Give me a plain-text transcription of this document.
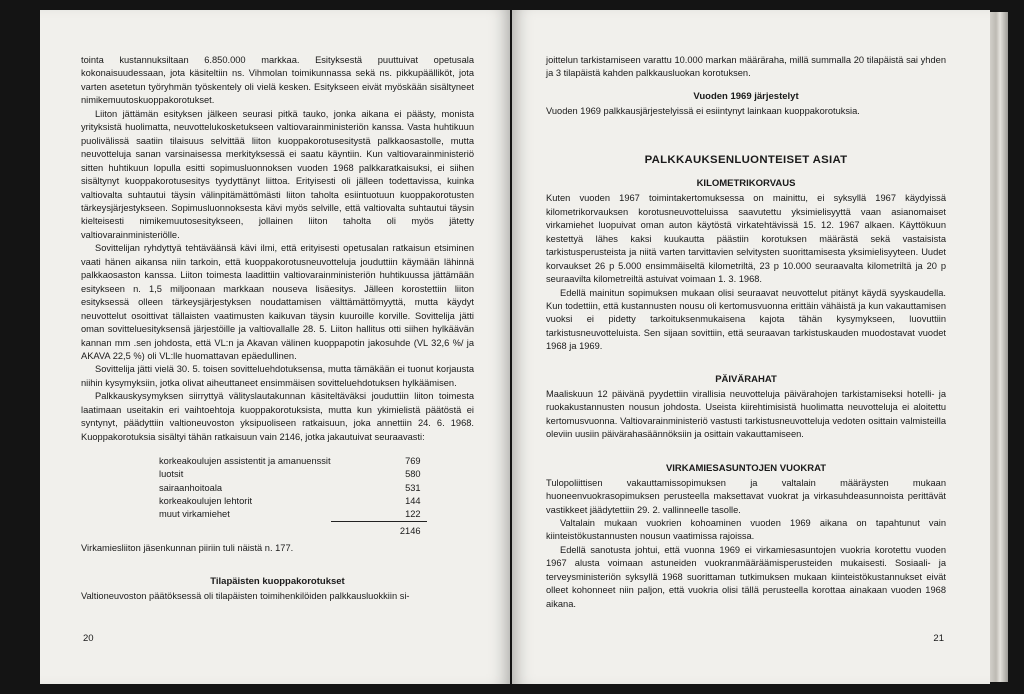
tointa kustannuksiltaan 6.850.000 markkaa. Esityksestä puuttuivat opetusala kokonaisuudessaan, jota käsiteltiin ns. Vihmolan toimikunnassa sekä ns. pikkupäälliköt, jota varten asetetun työryhmän työskentely oli vielä kesken. Esitykseen eivät myöskään sisältyneet nimikemuutoskuoppakorotukset.

Liiton jättämän esityksen jälkeen seurasi pitkä tauko, jonka aikana ei päästy, monista yrityksistä huolimatta, neuvottelukosketukseen valtiovarainministeriön kanssa. Vasta huhtikuun puolivälissä saatiin tilaisuus selvittää liiton kuoppakorotusesitystä palkkaosastolle, mutta neuvotteluja sanan varsinaisessa merkityksessä ei saatu käyntiin. Kun valtiovarainministeriö sitten huhtikuun lopulla esitti sopimusluonnoksen vuoden 1968 palkkaratkaisuksi, ei siihen sisältynyt kuoppakorotusesitys tyydyttänyt liittoa. Erityisesti oli jälleen todettavissa, kuinka valtiovalta suhtautui täysin välinpitämättömästi liiton taholta esiintuotuun kuoppakorotusten tärkeysjärjestykseen. Sopimusluonnoksesta kävi myös selville, että valtiovalta suhtautui täysin kielteisesti nimikemuutosesitykseen, jollainen liiton taholta oli myös jätetty valtiovarainministeriölle.

Sovittelijan ryhdyttyä tehtäväänsä kävi ilmi, että erityisesti opetusalan ratkaisun etsiminen vaati hänen aikansa niin tarkoin, että kuoppakorotusneuvotteluja jouduttiin käymään lähinnä palkkaosaston kanssa. Liiton toimesta laadittiin valtiovarainministeriön huhtikuussa jättämään esitykseen n. 1,5 miljoonaan markkaan nouseva lisäesitys. Jälleen korostettiin liiton esityksessä olleen tärkeysjärjestyksen noudattamisen välttämättömyyttä, mutta käydyt neuvottelut osoittivat tällaisten vaatimusten kaikuvan täysin kuuroille korville. Sovittelija jätti oman sovitteluesityksensä järjestöille ja valtiovallalle 28. 5. Liiton hallitus otti siihen hylkäävän kannan mm .sen johdosta, että VL:n ja Akavan välinen kuoppapotin jakosuhde (VL 32,6 %/ ja AKAVA 22,5 %) oli VL:lle huomattavan epäedullinen.

Sovittelija jätti vielä 30. 5. toisen sovitteluehdotuksensa, mutta tämäkään ei tuonut korjausta niihin kysymyksiin, jotka olivat aiheuttaneet ensimmäisen sovitteluehdotuksen hylkäämisen.

Palkkauskysymyksen siirryttyä välityslautakunnan käsiteltäväksi jouduttiin liiton toimesta laatimaan useitakin eri vaihtoehtoja kuoppakorotuksista, mutta kun ykimielistä päätöstä ei syntynyt, päädyttiin valtioneuvoston yksipuoliseen ratkaisuun, joka annettiin 24. 6. 1968. Kuoppakorotuksia sisältyi tähän ratkaisuun vain 2146, jotka jakautuivat seuraavasti:

korkeakoulujen assistentit ja amanuenssit	769
luotsit	580
sairaanhoitoala	531
korkeakoulujen lehtorit	144
muut virkamiehet	122
	2146

Virkamiesliiton jäsenkunnan piiriin tuli näistä n. 177.

Tilapäisten kuoppakorotukset

Valtioneuvoston päätöksessä oli tilapäisten toimihenkilöiden palkkausluokkiin si-

20

joittelun tarkistamiseen varattu 10.000 markan määräraha, millä summalla 20 tilapäistä sai yhden ja 3 tilapäistä kahden palkkausluokan korotuksen.

Vuoden 1969 järjestelyt

Vuoden 1969 palkkausjärjestelyissä ei esiintynyt lainkaan kuoppakorotuksia.

PALKKAUKSENLUONTEISET ASIAT
KILOMETRIKORVAUS

Kuten vuoden 1967 toimintakertomuksessa on mainittu, ei syksyllä 1967 käydyissä kilometrikorvauksen korotusneuvotteluissa saavutettu yksimielisyyttä vaan asianomaiset virkamiehet luopuivat oman auton käytöstä virkatehtävissä 15. 12. 1967 alkaen. Käyttökuun kestettyä lähes kaksi kuukautta päästiin korotuksen määrästä sekä vastaisista tarkistusperusteista ja niitä varten tarvittavien selvitysten suorittamisesta yksimielisyyteen. Uudet korvaukset 26 p 5.000 ensimmäiseltä kilometriltä, 23 p 10.000 seuraavalta kilometriltä ja 20 p seuraavilta kilometreiltä astuivat voimaan 1. 3. 1968.

Edellä mainitun sopimuksen mukaan olisi seuraavat neuvottelut pitänyt käydä syyskaudella. Kun todettiin, että kustannusten nousu oli kertomusvuonna erittäin vähäistä ja kun vakauttamisen vuoksi ei pidetty tarkoituksenmukaisena kajota tähän kysymykseen, luovuttiin tarkistusneuvotteluista. Sen sijaan sovittiin, että seuraavan tarkistuskauden muodostavat vuodet 1968 ja 1969.

PÄIVÄRAHAT

Maaliskuun 12 päivänä pyydettiin virallisia neuvotteluja päivärahojen tarkistamiseksi hotelli- ja ruokakustannusten nousun johdosta. Useista kiirehtimisistä huolimatta neuvotteluja ei aloitettu kertomusvuonna. Valtiovarainministeriö vastusti tarkistusneuvotteluja vedoten osittain valmisteilla oleviin uusiin päivärahasäännöksiin ja osittain vakauttamiseen.

VIRKAMIESASUNTOJEN VUOKRAT

Tulopoliittisen vakauttamissopimuksen ja valtalain määräysten mukaan huoneenvuokrasopimuksen perusteella maksettavat vuokrat ja virkasuhdeasunnoista perittävät vastikkeet jäädytettiin 29. 2. vallinneelle tasolle.

Valtalain mukaan vuokrien kohoaminen vuoden 1969 aikana on tapahtunut vain kiinteistökustannusten nousun vaatimissa rajoissa.

Edellä sanotusta johtui, että vuonna 1969 ei virkamiesasuntojen vuokria korotettu vuoden 1967 alusta voimaan astuneiden vuokranmääräämisperusteiden mukaisesti. Sosiaali- ja terveysministeriön syksyllä 1968 suorittaman tutkimuksen mukaan kiinteistökustannukset eivät olleet kohonneet niin paljon, että vuokria olisi tällä perusteella korottaa ainakaan vuoden 1968 aikana.

21
